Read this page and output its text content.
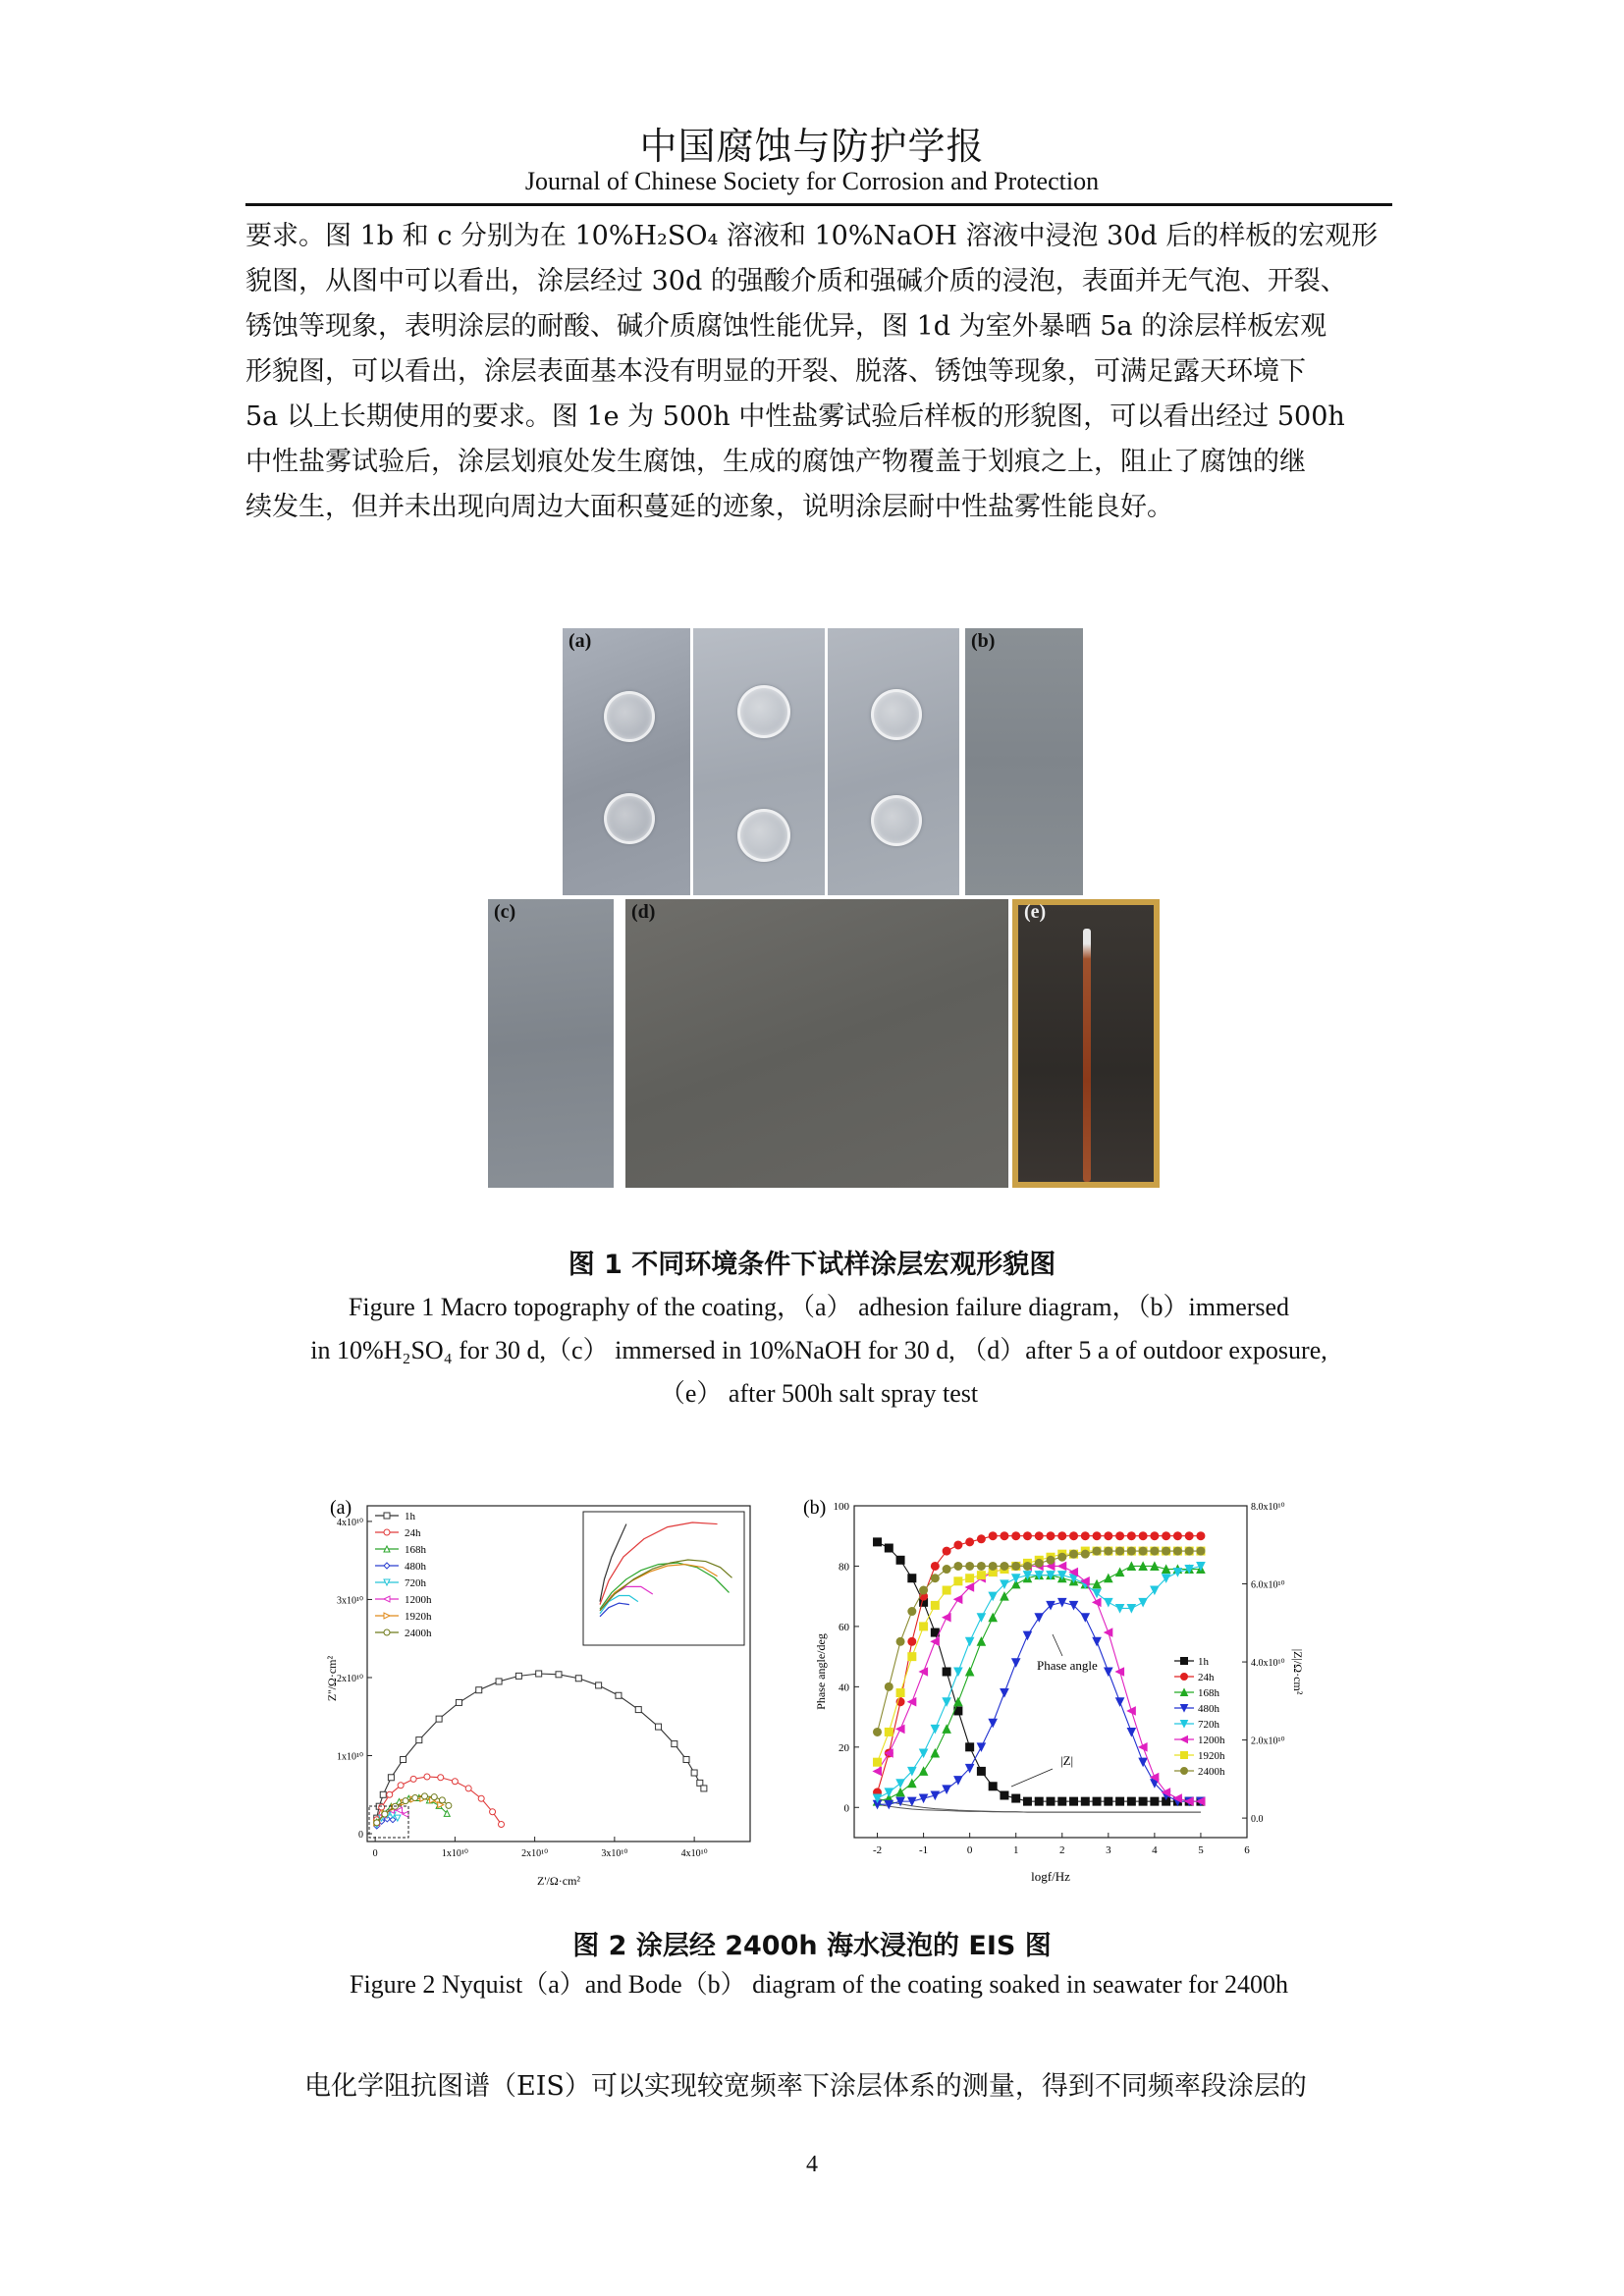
中国腐蚀与防护学报
Journal of Chinese Society for Corrosion and Protection

要求。图 1b 和 c 分别为在 10%H₂SO₄ 溶液和 10%NaOH 溶液中浸泡 30d 后的样板的宏观形

貌图，从图中可以看出，涂层经过 30d 的强酸介质和强碱介质的浸泡，表面并无气泡、开裂、

锈蚀等现象，表明涂层的耐酸、碱介质腐蚀性能优异，图 1d 为室外暴晒 5a 的涂层样板宏观

形貌图，可以看出，涂层表面基本没有明显的开裂、脱落、锈蚀等现象，可满足露天环境下

5a 以上长期使用的要求。图 1e 为 500h 中性盐雾试验后样板的形貌图，可以看出经过 500h

中性盐雾试验后，涂层划痕处发生腐蚀，生成的腐蚀产物覆盖于划痕之上，阻止了腐蚀的继

续发生，但并未出现向周边大面积蔓延的迹象，说明涂层耐中性盐雾性能良好。

(a)	(b)
(c)	(d)	(e)
图 1 不同环境条件下试样涂层宏观形貌图
Figure 1 Macro topography of the coating，（a） adhesion failure diagram，（b）immersed
in 10%H₂SO₄ for 30 d,（c） immersed in 10%NaOH for 30 d, （d）after 5 a of outdoor exposure,
（e） after 500h salt spray test
(a)
0	1x10¹⁰	2x10¹⁰	3x10¹⁰	4x10¹⁰
0
1x10¹⁰
2x10¹⁰
3x10¹⁰
4x10¹⁰
1h
24h
168h
480h
720h
1200h
1920h
2400h
Z'/Ω·cm²
Z''/Ω·cm²
(b)
-2	-1	0	1	2	3	4	5	6
0
20
40
60
80
100
0.0
2.0x10¹⁰
4.0x10¹⁰
6.0x10¹⁰
8.0x10¹⁰
1h
24h
168h
480h
720h
1200h
1920h
2400h
Phase angle
|Z|
logf/Hz
Phase angle/deg	|Z|/Ω·cm²
图 2 涂层经 2400h 海水浸泡的 EIS 图
Figure 2 Nyquist（a）and Bode（b） diagram of the coating soaked in seawater for 2400h
电化学阻抗图谱（EIS）可以实现较宽频率下涂层体系的测量，得到不同频率段涂层的
4
